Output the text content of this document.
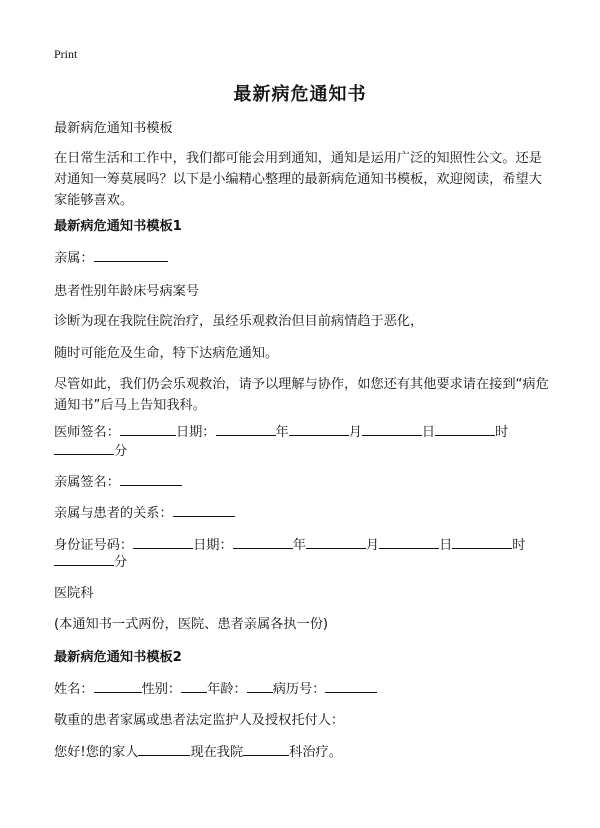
Print
最新病危通知书
最新病危通知书模板
在日常生活和工作中，我们都可能会用到通知，通知是运用广泛的知照性公文。还是对通知一筹莫展吗？以下是小编精心整理的最新病危通知书模板，欢迎阅读，希望大家能够喜欢。
最新病危通知书模板1
亲属：
患者性别年龄床号病案号
诊断为现在我院住院治疗，虽经乐观救治但目前病情趋于恶化，
随时可能危及生命，特下达病危通知。
尽管如此，我们仍会乐观救治，请予以理解与协作，如您还有其他要求请在接到“病危通知书”后马上告知我科。
医师签名：	日期：	年	月	日	时
分
亲属签名：
亲属与患者的关系：
身份证号码：	日期：	年	月	日	时
分
医院科
(本通知书一式两份，医院、患者亲属各执一份)
最新病危通知书模板2
姓名：	性别： 年龄： 病历号：
敬重的患者家属或患者法定监护人及授权托付人：
您好!您的家人	现在我院	科治疗。
